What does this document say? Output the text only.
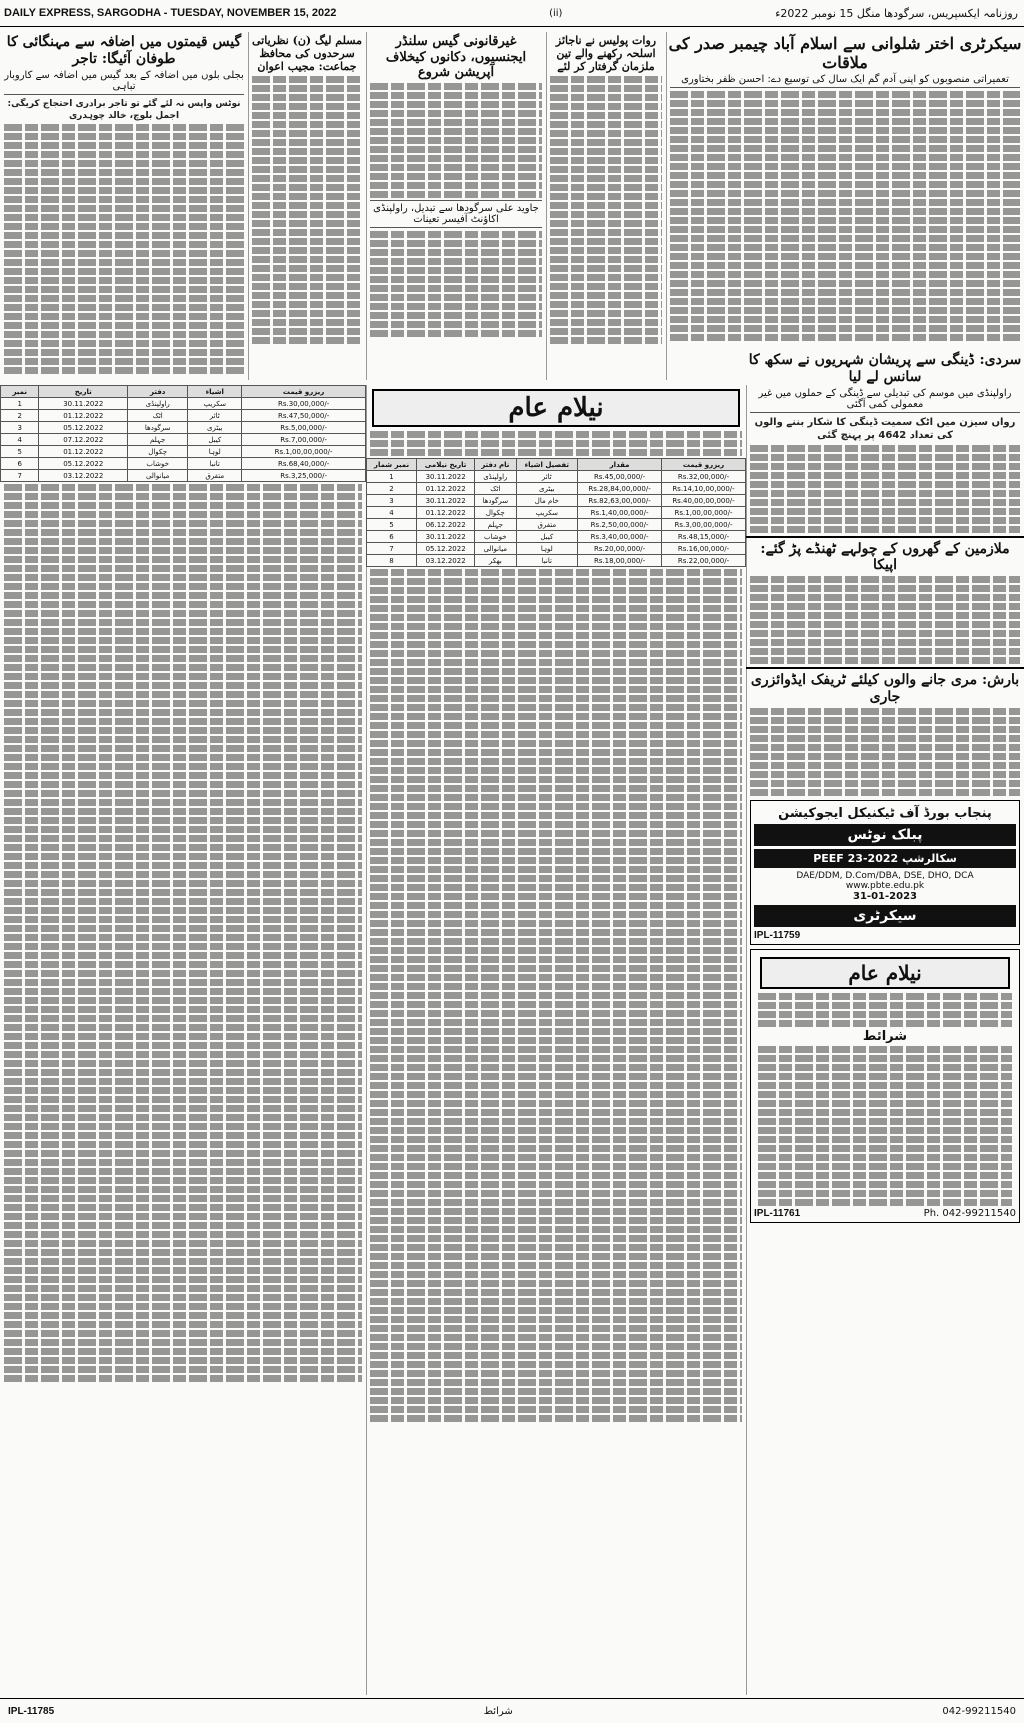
DAILY EXPRESS, SARGODHA - TUESDAY, NOVEMBER 15, 2022	(ii)	روزنامہ ایکسپریس، سرگودھا منگل 15 نومبر 2022ء
گیس قیمتوں میں اضافہ سے مہنگائی کا طوفان آئیگا: تاجر
بجلی بلوں میں اضافہ کے بعد گیس میں اضافہ سے کاروبار تباہی
نوٹس واپس نہ لئے گئے تو تاجر برادری احتجاج کریگی: اجمل بلوچ، خالد چوہدری
مسلم لیگ (ن) نظریاتی سرحدوں کی محافظ جماعت: مجیب اعوان
غیرقانونی گیس سلنڈر ایجنسیوں، دکانوں کیخلاف آپریشن شروع
جاوید علی سرگودھا سے تبدیل، راولپنڈی اکاؤنٹ آفیسر تعینات
روات پولیس نے ناجائز اسلحہ رکھنے والے تین ملزمان گرفتار کر لئے
سیکرٹری اختر شلوانی سے اسلام آباد چیمبر صدر کی ملاقات
تعمیراتی منصوبوں کو اپنی آدم گم ایک سال کی توسیع دے: احسن ظفر بختاوری
نمبر	تاریخ	دفتر	اشیاء	ریزرو قیمت
1	30.11.2022	راولپنڈی	سکریپ	Rs.30,00,000/-
2	01.12.2022	اٹک	ٹائر	Rs.47,50,000/-
3	05.12.2022	سرگودھا	بیٹری	Rs.5,00,000/-
4	07.12.2022	جہلم	کیبل	Rs.7,00,000/-
5	01.12.2022	چکوال	لوہا	Rs.1,00,00,000/-
6	05.12.2022	خوشاب	تانبا	Rs.68,40,000/-
7	03.12.2022	میانوالی	متفرق	Rs.3,25,000/-
نیلام عام
نمبر شمار	تاریخ نیلامی	نام دفتر	تفصیل اشیاء	مقدار	ریزرو قیمت
1	30.11.2022	راولپنڈی	ٹائر	Rs.45,00,000/-	Rs.32,00,000/-
2	01.12.2022	اٹک	بیٹری	Rs.28,84,00,000/-	Rs.14,10,00,000/-
3	30.11.2022	سرگودھا	خام مال	Rs.82,63,00,000/-	Rs.40,00,00,000/-
4	01.12.2022	چکوال	سکریپ	Rs.1,40,00,000/-	Rs.1,00,00,000/-
5	06.12.2022	جہلم	متفرق	Rs.2,50,00,000/-	Rs.3,00,00,000/-
6	30.11.2022	خوشاب	کیبل	Rs.3,40,00,000/-	Rs.48,15,000/-
7	05.12.2022	میانوالی	لوہا	Rs.20,00,000/-	Rs.16,00,000/-
8	03.12.2022	بھکر	تانبا	Rs.18,00,000/-	Rs.22,00,000/-
سردی: ڈینگی سے پریشان شہریوں نے سکھ کا سانس لے لیا
راولپنڈی میں موسم کی تبدیلی سے ڈینگی کے حملوں میں غیر معمولی کمی آگئی
رواں سیزن میں اٹک سمیت ڈینگی کا شکار بننے والوں کی تعداد 4642 پر پہنچ گئی
ملازمین کے گھروں کے چولہے ٹھنڈے پڑ گئے: اپیکا
بارش: مری جانے والوں کیلئے ٹریفک ایڈوائزری جاری
پنجاب بورڈ آف ٹیکنیکل ایجوکیشن
پبلک نوٹس
PEEF سکالرشپ 2022-23
DAE/DDM, D.Com/DBA, DSE, DHO, DCA
www.pbte.edu.pk
31-01-2023
سیکرٹری
IPL-11759
نیلام عام
شرائط
IPL-11761	Ph. 042-99211540
IPL-11785	شرائط	042-99211540
